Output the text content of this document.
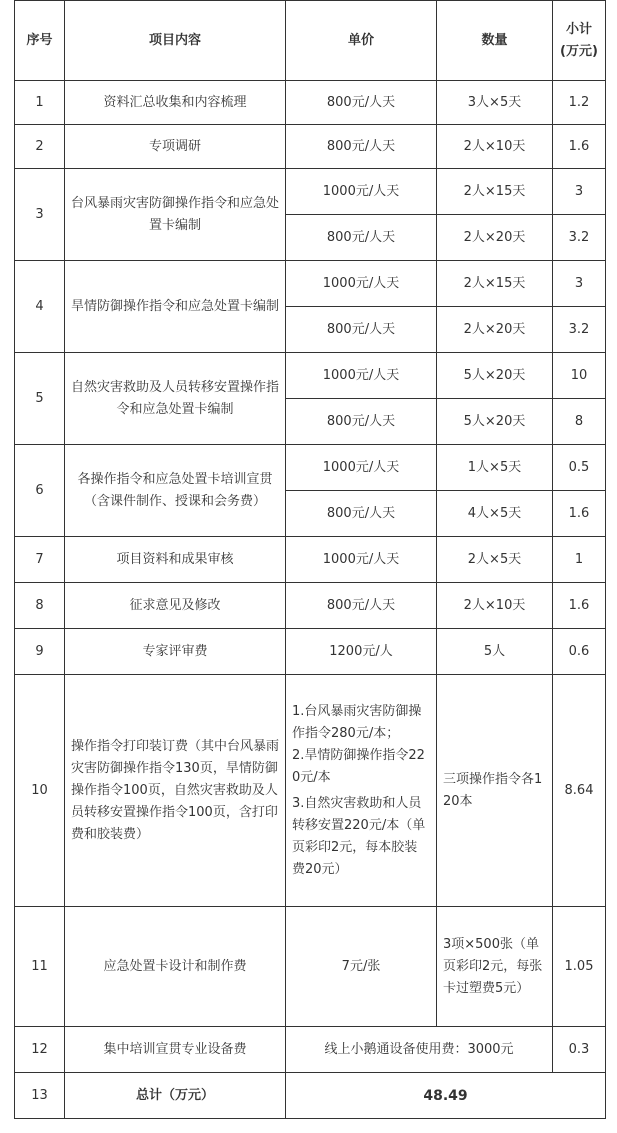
序号	项目内容	单价	数量	小计(万元)
1	资料汇总收集和内容梳理	800元/人天	3人×5天	1.2
2	专项调研	800元/人天	2人×10天	1.6
3	台风暴雨灾害防御操作指令和应急处置卡编制	1000元/人天	2人×15天	3
		800元/人天	2人×20天	3.2
4	旱情防御操作指令和应急处置卡编制	1000元/人天	2人×15天	3
		800元/人天	2人×20天	3.2
5	自然灾害救助及人员转移安置操作指令和应急处置卡编制	1000元/人天	5人×20天	10
		800元/人天	5人×20天	8
6	各操作指令和应急处置卡培训宣贯（含课件制作、授课和会务费）	1000元/人天	1人×5天	0.5
		800元/人天	4人×5天	1.6
7	项目资料和成果审核	1000元/人天	2人×5天	1
8	征求意见及修改	800元/人天	2人×10天	1.6
9	专家评审费	1200元/人	5人	0.6
10	操作指令打印装订费（其中台风暴雨灾害防御操作指令130页，旱情防御操作指令100页，自然灾害救助及人员转移安置操作指令100页，含打印费和胶装费）	1.台风暴雨灾害防御操作指令280元/本；
2.旱情防御操作指令220元/本
3.自然灾害救助和人员转移安置220元/本（单页彩印2元，每本胶装费20元）	三项操作指令各120本	8.64
11	应急处置卡设计和制作费	7元/张	3项×500张（单页彩印2元，每张卡过塑费5元）	1.05
12	集中培训宣贯专业设备费	线上小鹅通设备使用费：3000元		0.3
13	总计（万元）	48.49		
